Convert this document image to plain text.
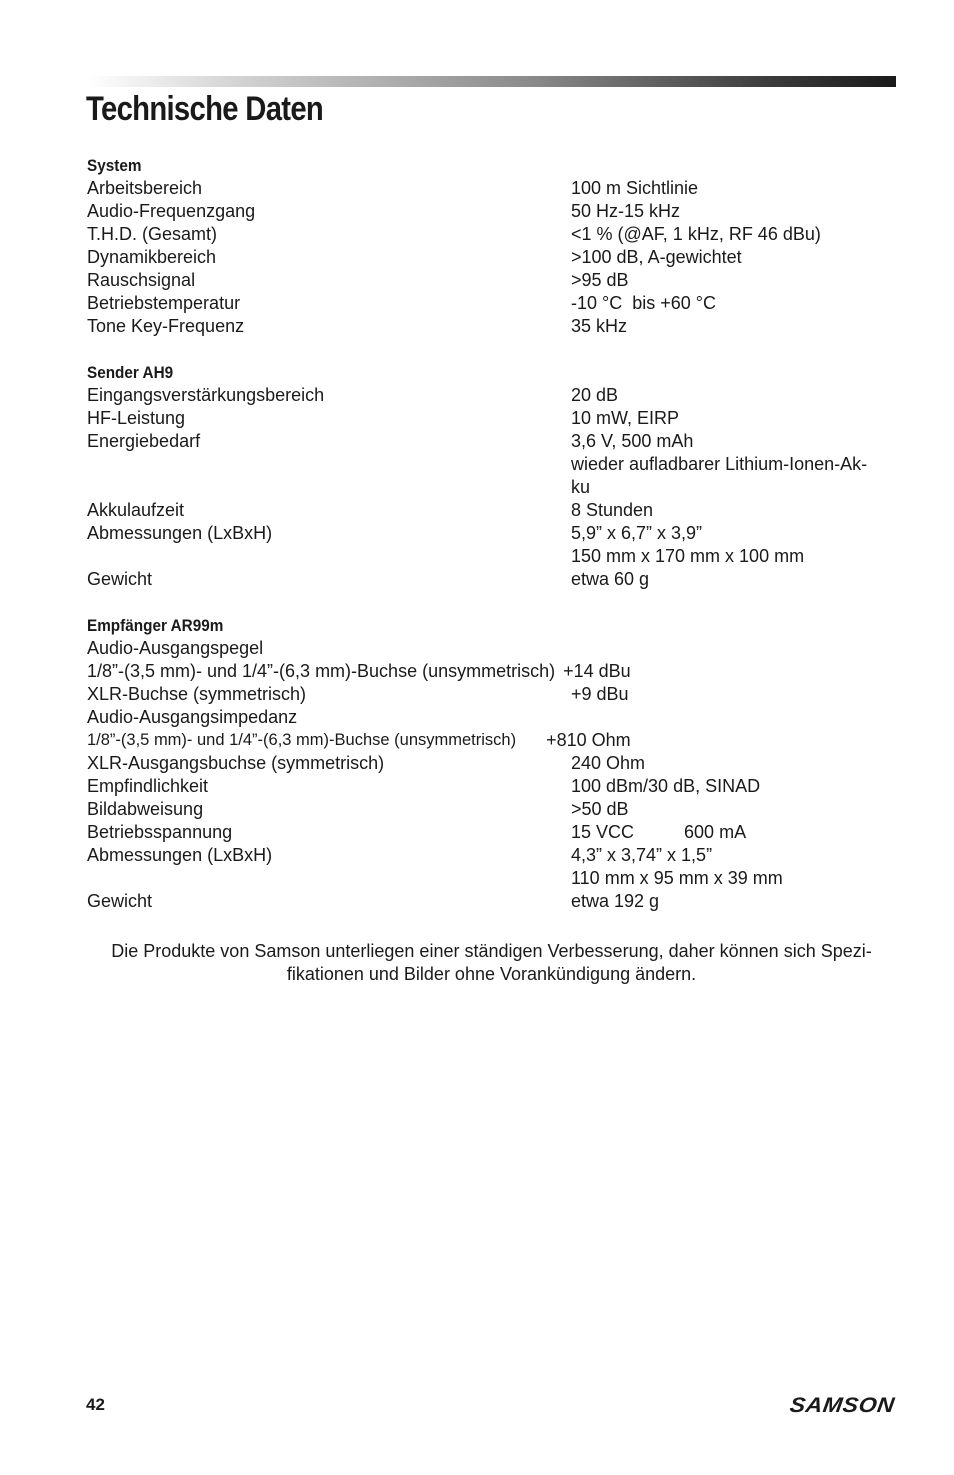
Technische Daten
System
Arbeitsbereich	100 m Sichtlinie
Audio-Frequenzgang	50 Hz-15 kHz
T.H.D. (Gesamt)	<1 % (@AF, 1 kHz, RF 46 dBu)
Dynamikbereich	>100 dB, A-gewichtet
Rauschsignal	>95 dB
Betriebstemperatur	-10 °C  bis +60 °C
Tone Key-Frequenz	35 kHz
Sender AH9
Eingangsverstärkungsbereich	20 dB
HF-Leistung	10 mW, EIRP
Energiebedarf	3,6 V, 500 mAh
wieder aufladbarer Lithium-Ionen-Ak-
ku
Akkulaufzeit	8 Stunden
Abmessungen (LxBxH)	5,9” x 6,7” x 3,9”
150 mm x 170 mm x 100 mm
Gewicht	etwa 60 g
Empfänger AR99m
Audio-Ausgangspegel
1/8”-(3,5 mm)- und 1/4”-(6,3 mm)-Buchse (unsymmetrisch) +14 dBu
XLR-Buchse (symmetrisch)	+9 dBu
Audio-Ausgangsimpedanz
1/8”-(3,5 mm)- und 1/4”-(6,3 mm)-Buchse (unsymmetrisch)	+810 Ohm
XLR-Ausgangsbuchse (symmetrisch)	240 Ohm
Empfindlichkeit	100 dBm/30 dB, SINAD
Bildabweisung	>50 dB
Betriebsspannung	15 VCC          600 mA
Abmessungen (LxBxH)	4,3” x 3,74” x 1,5”
110 mm x 95 mm x 39 mm
Gewicht	etwa 192 g
Die Produkte von Samson unterliegen einer ständigen Verbesserung, daher können sich Spezi-fikationen und Bilder ohne Vorankündigung ändern.
42	SAMSON
